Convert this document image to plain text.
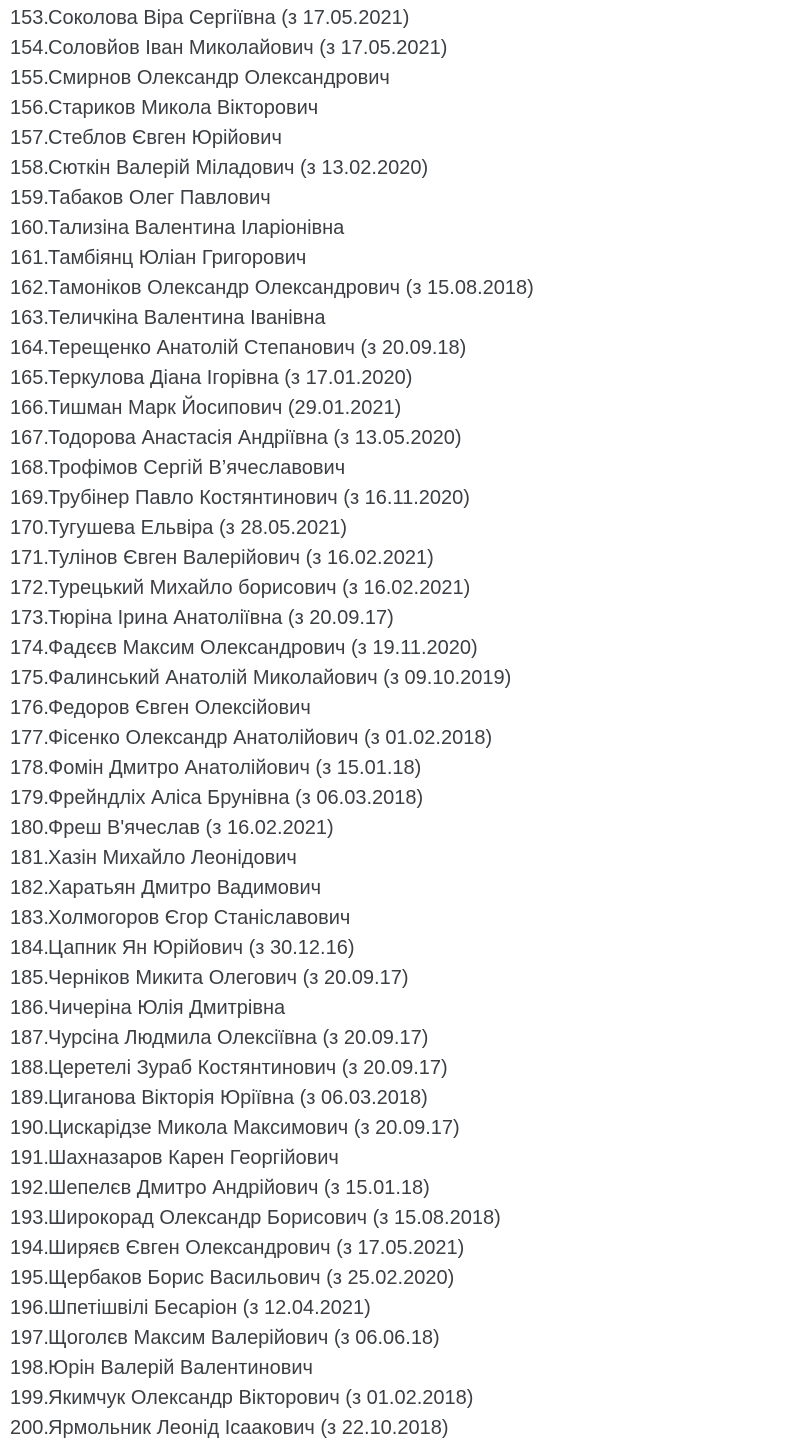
153. Соколова Віра Сергіївна (з 17.05.2021)
154. Соловйов Іван Миколайович (з 17.05.2021)
155. Смирнов Олександр Олександрович
156. Стариков Микола Вікторович
157. Стеблов Євген Юрійович
158. Сюткін Валерій Міладович (з 13.02.2020)
159. Табаков Олег Павлович
160. Тализіна Валентина Іларіонівна
161. Тамбіянц Юліан Григорович
162. Тамоніков Олександр Олександрович (з 15.08.2018)
163. Теличкіна Валентина Іванівна
164. Терещенко Анатолій Степанович (з 20.09.18)
165. Теркулова Діана Ігорівна (з 17.01.2020)
166. Тишман Марк Йосипович (29.01.2021)
167. Тодорова Анастасія Андріївна (з 13.05.2020)
168. Трофімов Сергій В’ячеславович
169. Трубінер Павло Костянтинович (з 16.11.2020)
170. Тугушева Ельвіра (з 28.05.2021)
171. Тулінов Євген Валерійович (з 16.02.2021)
172. Турецький Михайло борисович (з 16.02.2021)
173. Тюріна Ірина Анатоліївна (з 20.09.17)
174. Фадєєв Максим Олександрович (з 19.11.2020)
175. Фалинський Анатолій Миколайович (з 09.10.2019)
176. Федоров Євген Олексійович
177. Фісенко Олександр Анатолійович (з 01.02.2018)
178. Фомін Дмитро Анатолійович (з 15.01.18)
179. Фрейндліх Аліса Брунівна (з 06.03.2018)
180. Фреш В'ячеслав (з 16.02.2021)
181. Хазін Михайло Леонідович
182. Харатьян Дмитро Вадимович
183. Холмогоров Єгор Станіславович
184. Цапник Ян Юрійович (з 30.12.16)
185. Черніков Микита Олегович (з 20.09.17)
186. Чичеріна Юлія Дмитрівна
187. Чурсіна Людмила Олексіївна (з 20.09.17)
188. Церетелі Зураб Костянтинович (з 20.09.17)
189. Циганова Вікторія Юріївна (з 06.03.2018)
190. Цискарідзе Микола Максимович (з 20.09.17)
191. Шахназаров Карен Георгійович
192. Шепелєв Дмитро Андрійович (з 15.01.18)
193. Широкорад Олександр Борисович (з 15.08.2018)
194. Ширяєв Євген Олександрович (з 17.05.2021)
195. Щербаков Борис Васильович (з 25.02.2020)
196. Шпетішвілі Бесаріон (з 12.04.2021)
197. Щоголєв Максим Валерійович (з 06.06.18)
198. Юрін Валерій Валентинович
199. Якимчук Олександр Вікторович (з 01.02.2018)
200. Ярмольник Леонід Ісаакович (з 22.10.2018)
